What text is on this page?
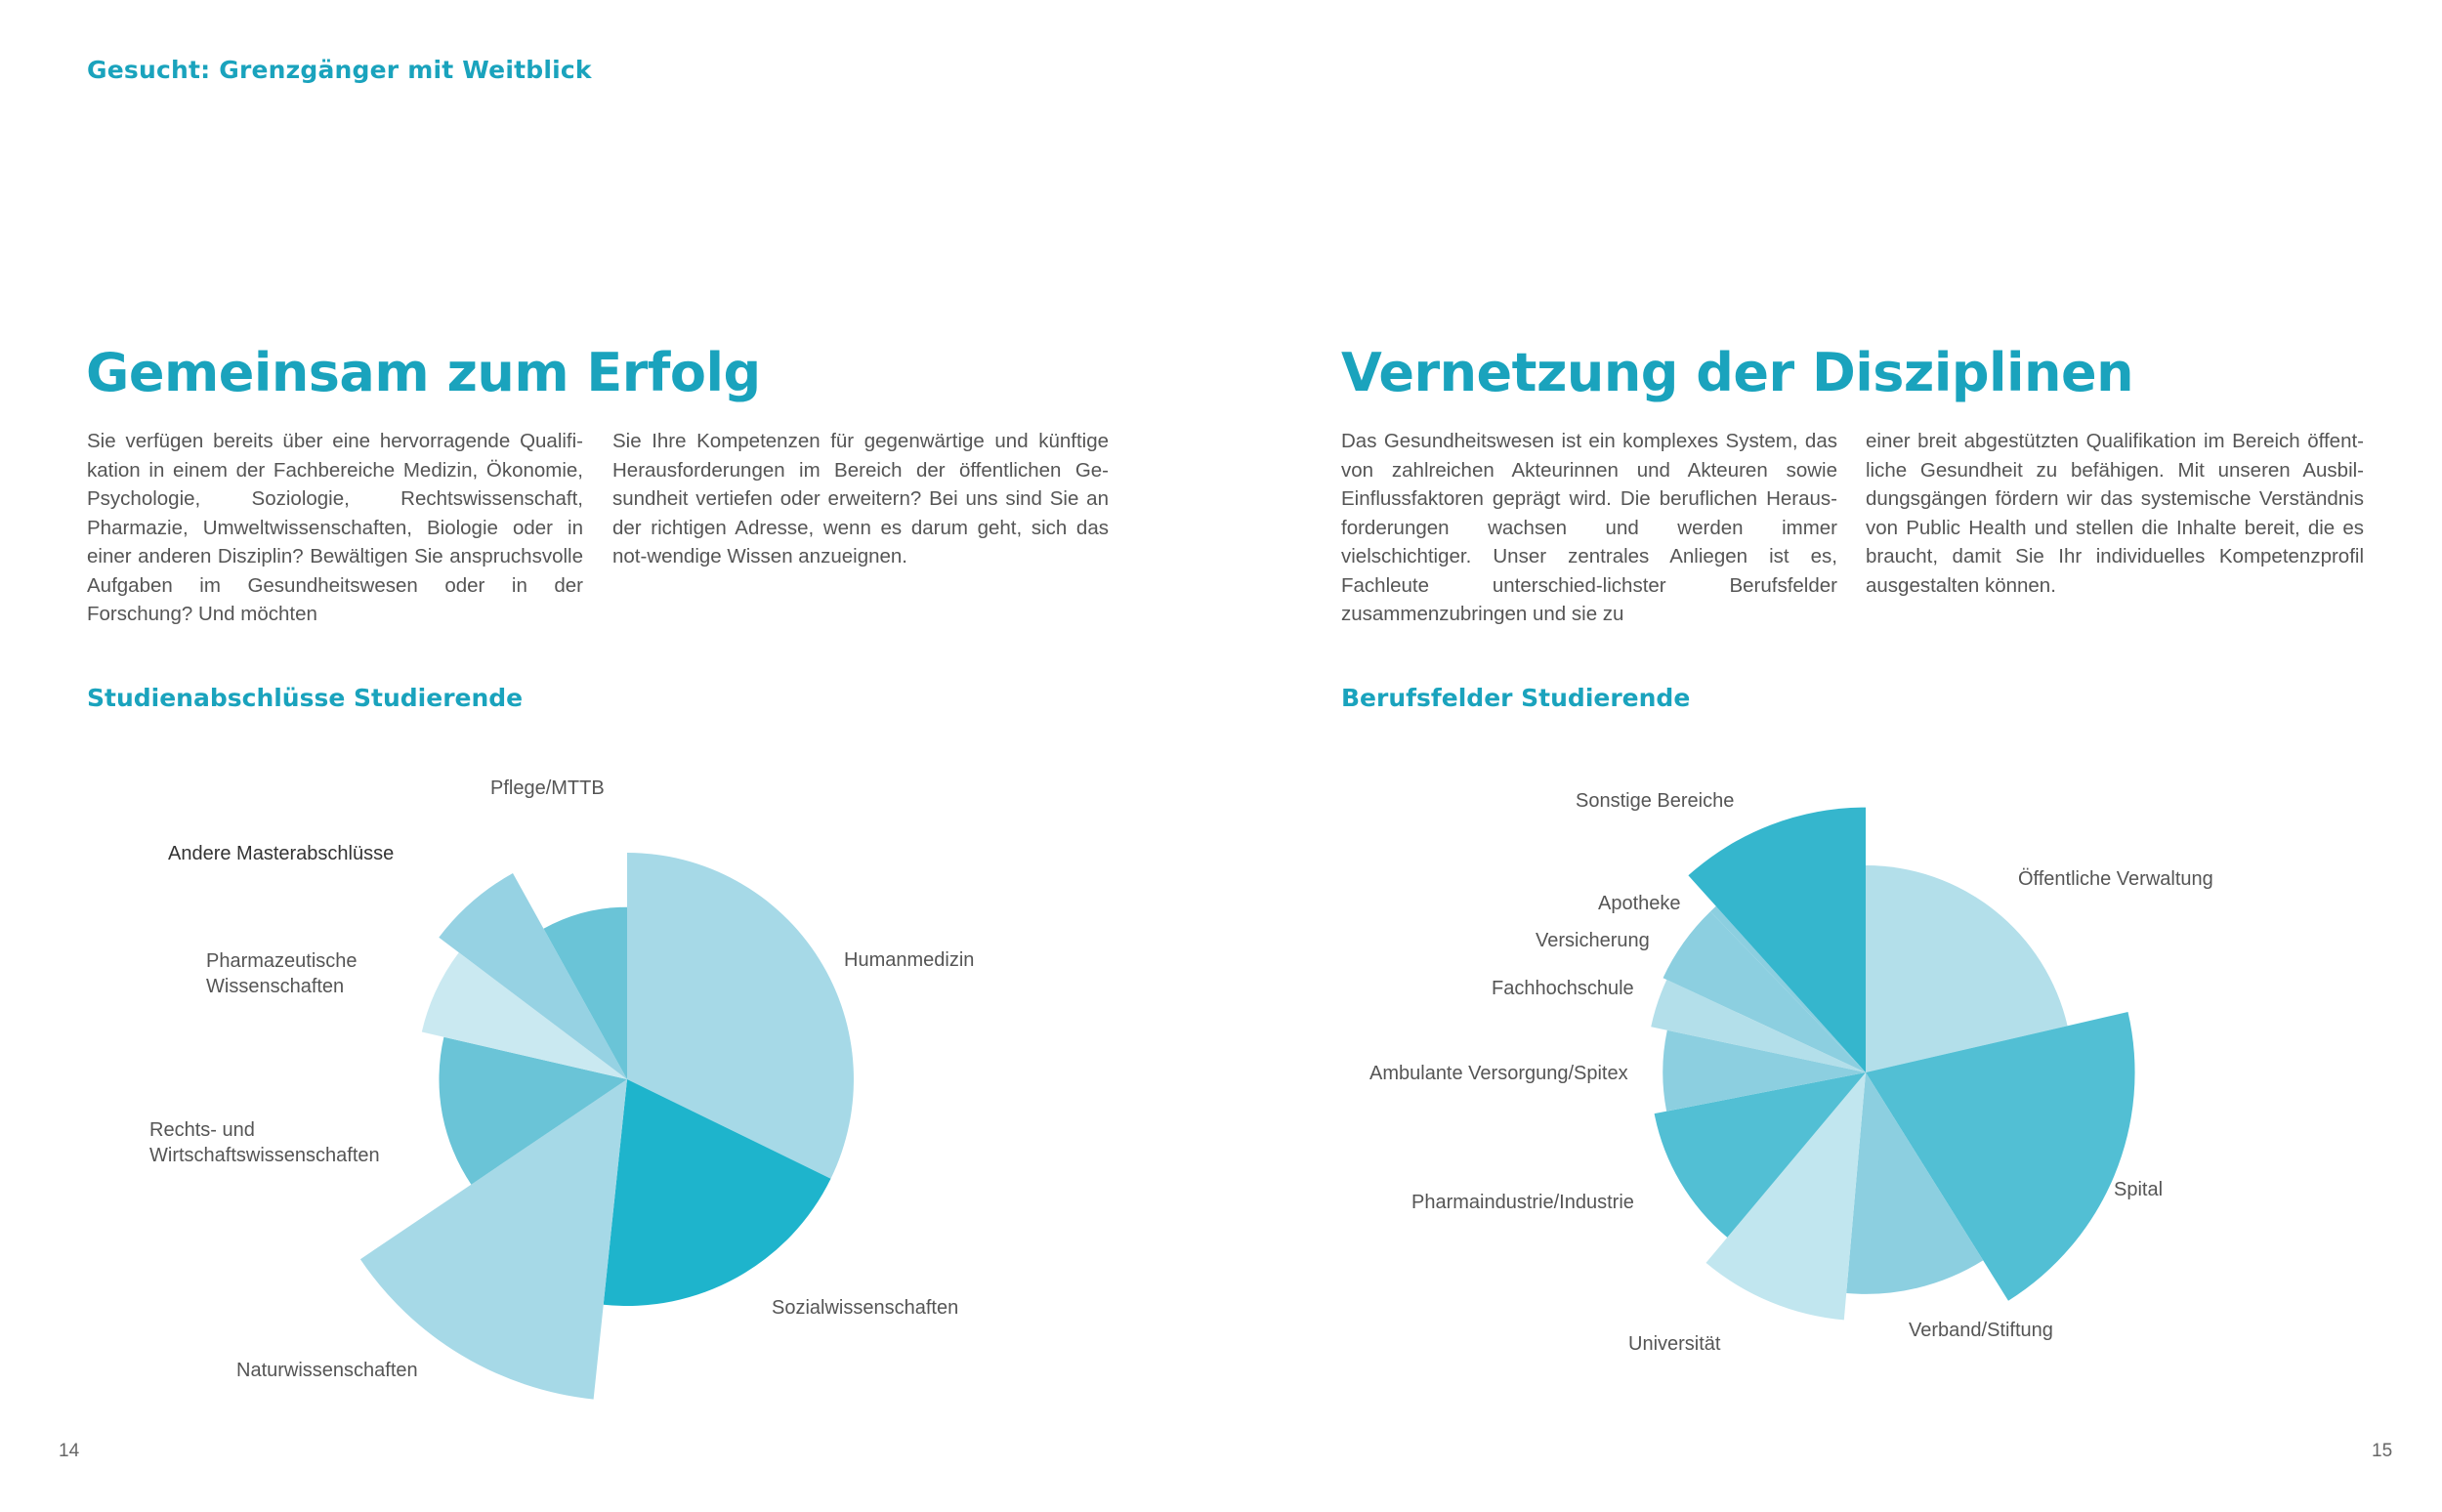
Gesucht: Grenzgänger mit Weitblick

Gemeinsam zum Erfolg

Sie verfügen bereits über eine hervorragende Qualifi-kation in einem der Fachbereiche Medizin, Ökonomie, Psychologie, Soziologie, Rechtswissenschaft, Pharmazie, Umweltwissenschaften, Biologie oder in einer anderen Disziplin? Bewältigen Sie anspruchsvolle Aufgaben im Gesundheitswesen oder in der Forschung? Und möchten

Sie Ihre Kompetenzen für gegenwärtige und künftige Herausforderungen im Bereich der öffentlichen Ge-sundheit vertiefen oder erweitern? Bei uns sind Sie an der richtigen Adresse, wenn es darum geht, sich das not-wendige Wissen anzueignen.

Studienabschlüsse Studierende
Vernetzung der Disziplinen

Das Gesundheitswesen ist ein komplexes System, das von zahlreichen Akteurinnen und Akteuren sowie Einflussfaktoren geprägt wird. Die beruflichen Heraus-forderungen wachsen und werden immer vielschichtiger. Unser zentrales Anliegen ist es, Fachleute unterschied-lichster Berufsfelder zusammenzubringen und sie zu

einer breit abgestützten Qualifikation im Bereich öffent-liche Gesundheit zu befähigen. Mit unseren Ausbil-dungsgängen fördern wir das systemische Verständnis von Public Health und stellen die Inhalte bereit, die es braucht, damit Sie Ihr individuelles Kompetenzprofil ausgestalten können.

Berufsfelder Studierende
Pflege/MTTB
Andere Masterabschlüsse
Pharmazeutische Wissenschaften
Humanmedizin
Rechts- und Wirtschaftswissenschaften
Sozialwissenschaften
Naturwissenschaften
Sonstige Bereiche
Öffentliche Verwaltung
Apotheke
Versicherung
Fachhochschule
Ambulante Versorgung/Spitex
Spital
Pharmaindustrie/Industrie
Verband/Stiftung
Universität

14	15
